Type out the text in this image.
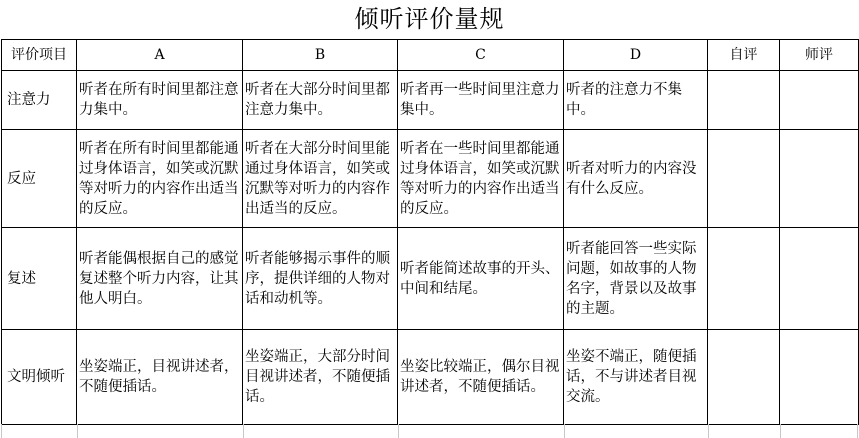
倾听评价量规
评价项目	A	B	C	D	自评	师评
注意力	听者在所有时间里都注意力集中。	听者在大部分时间里都注意力集中。	听者再一些时间里注意力集中。	听者的注意力不集中。		
反应	听者在所有时间里都能通过身体语言，如笑或沉默等对听力的内容作出适当的反应。	听者在大部分时间里能通过身体语言，如笑或沉默等对听力的内容作出适当的反应。	听者在一些时间里都能通过身体语言，如笑或沉默等对听力的内容作出适当的反应。	听者对听力的内容没有什么反应。		
复述	听者能偶根据自己的感觉复述整个听力内容，让其他人明白。	听者能够揭示事件的顺序，提供详细的人物对话和动机等。	听者能简述故事的开头、中间和结尾。	听者能回答一些实际问题，如故事的人物名字，背景以及故事的主题。		
文明倾听	坐姿端正，目视讲述者，不随便插话。	坐姿端正，大部分时间目视讲述者，不随便插话。	坐姿比较端正，偶尔目视讲述者，不随便插话。	坐姿不端正，随便插话，不与讲述者目视交流。		
